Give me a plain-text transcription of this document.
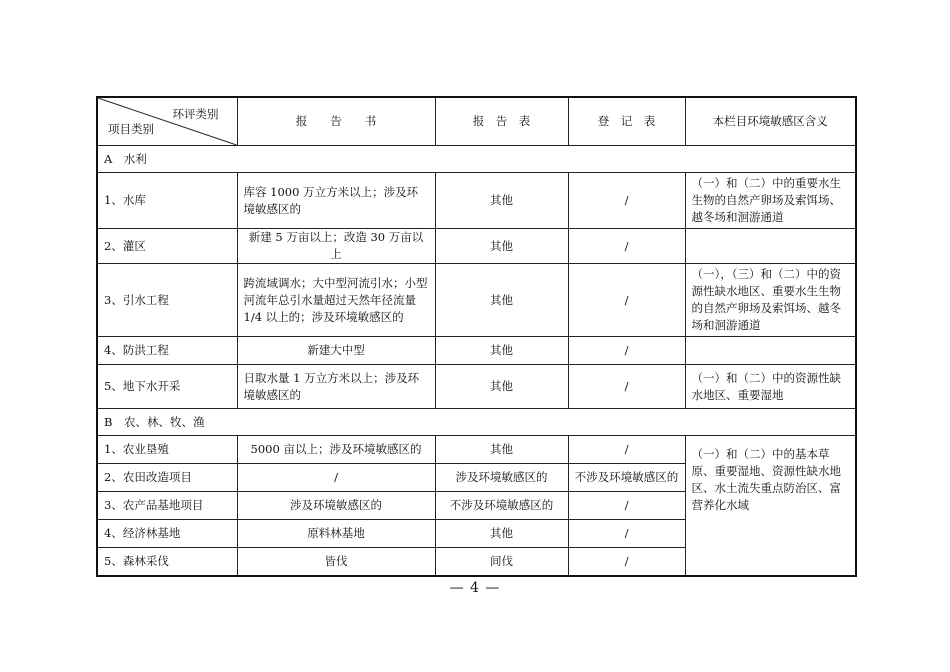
环评类别
项目类别	报　　告　　书	报　告　表	登　记　表	本栏目环境敏感区含义
A　水利				
1、水库	库容 1000 万立方米以上；涉及环境敏感区的	其他	/	（一）和（二）中的重要水生生物的自然产卵场及索饵场、越冬场和洄游通道
2、灌区	新建 5 万亩以上；改造 30 万亩以上	其他	/	
3、引水工程	跨流域调水；大中型河流引水；小型河流年总引水量超过天然年径流量 1/4 以上的；涉及环境敏感区的	其他	/	（一），（三）和（二）中的资源性缺水地区、重要水生生物的自然产卵场及索饵场、越冬场和洄游通道
4、防洪工程	新建大中型	其他	/	
5、地下水开采	日取水量 1 万立方米以上；涉及环境敏感区的	其他	/	（一）和（二）中的资源性缺水地区、重要湿地
B　农、林、牧、渔				
1、农业垦殖	5000 亩以上；涉及环境敏感区的	其他	/	（一）和（二）中的基本草原、重要湿地、资源性缺水地区、水土流失重点防治区、富营养化水域
2、农田改造项目	/	涉及环境敏感区的	不涉及环境敏感区的	
3、农产品基地项目	涉及环境敏感区的	不涉及环境敏感区的	/	
4、经济林基地	原料林基地	其他	/	
5、森林采伐	皆伐	间伐	/	
— 4 —
